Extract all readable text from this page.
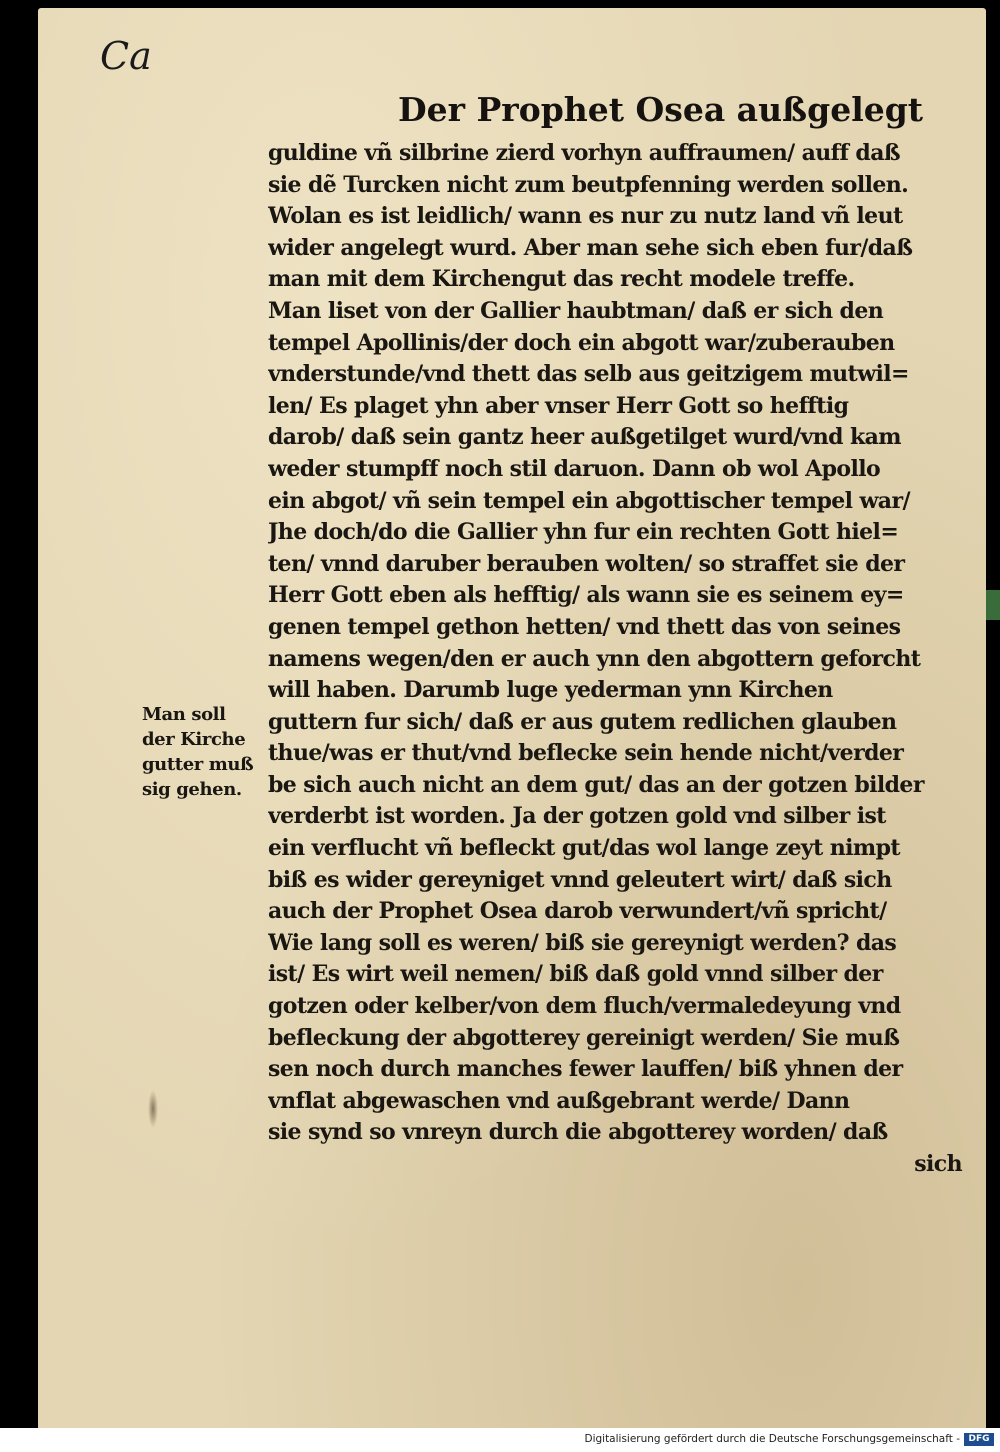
Ca
Der Prophet Osea außgelegt
guldine vñ silbrine zierd vorhyn auffraumen/ auff daß
sie dẽ Turcken nicht zum beutpfenning werden sollen.
Wolan es ist leidlich/ wann es nur zu nutz land vñ leut
wider angelegt wurd. Aber man sehe sich eben fur/daß
man mit dem Kirchengut das recht modele treffe.
Man liset von der Gallier haubtman/ daß er sich den
tempel Apollinis/der doch ein abgott war/zuberauben
vnderstunde/vnd thett das selb aus geitzigem mutwil=
len/ Es plaget yhn aber vnser Herr Gott so hefftig
darob/ daß sein gantz heer außgetilget wurd/vnd kam
weder stumpff noch stil daruon. Dann ob wol Apollo
ein abgot/ vñ sein tempel ein abgottischer tempel war/
Jhe doch/do die Gallier yhn fur ein rechten Gott hiel=
ten/ vnnd daruber berauben wolten/ so straffet sie der
Herr Gott eben als hefftig/ als wann sie es seinem ey=
genen tempel gethon hetten/ vnd thett das von seines
namens wegen/den er auch ynn den abgottern geforcht
will haben. Darumb luge yederman ynn Kirchen
guttern fur sich/ daß er aus gutem redlichen glauben
thue/was er thut/vnd beflecke sein hende nicht/verder
be sich auch nicht an dem gut/ das an der gotzen bilder
verderbt ist worden. Ja der gotzen gold vnd silber ist
ein verflucht vñ befleckt gut/das wol lange zeyt nimpt
biß es wider gereyniget vnnd geleutert wirt/ daß sich
auch der Prophet Osea darob verwundert/vñ spricht/
Wie lang soll es weren/ biß sie gereynigt werden? das
ist/ Es wirt weil nemen/ biß daß gold vnnd silber der
gotzen oder kelber/von dem fluch/vermaledeyung vnd
befleckung der abgotterey gereinigt werden/ Sie muß
sen noch durch manches fewer lauffen/ biß yhnen der
vnflat abgewaschen vnd außgebrant werde/ Dann
sie synd so vnreyn durch die abgotterey worden/ daß
sich
Man soll
der Kirche
gutter muß
sig gehen.
Digitalisierung gefördert durch die Deutsche Forschungsgemeinschaft - DFG
